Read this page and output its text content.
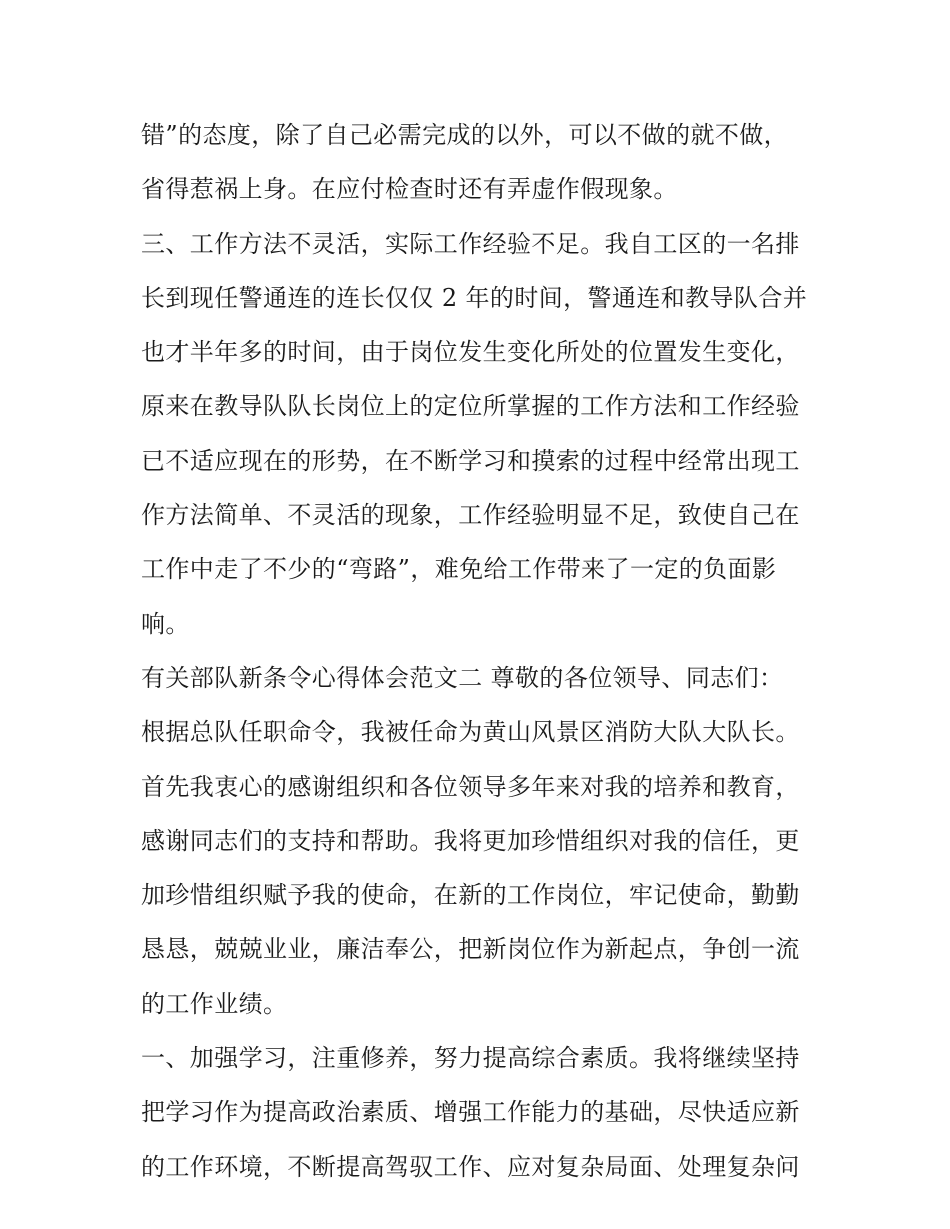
错”的态度，除了自己必需完成的以外，可以不做的就不做，
省得惹祸上身。在应付检查时还有弄虚作假现象。
三、工作方法不灵活，实际工作经验不足。我自工区的一名排
长到现任警通连的连长仅仅 2 年的时间，警通连和教导队合并
也才半年多的时间，由于岗位发生变化所处的位置发生变化，
原来在教导队队长岗位上的定位所掌握的工作方法和工作经验
已不适应现在的形势，在不断学习和摸索的过程中经常出现工
作方法简单、不灵活的现象，工作经验明显不足，致使自己在
工作中走了不少的“弯路”，难免给工作带来了一定的负面影
响。
有关部队新条令心得体会范文二 尊敬的各位领导、同志们：
根据总队任职命令，我被任命为黄山风景区消防大队大队长。
首先我衷心的感谢组织和各位领导多年来对我的培养和教育，
感谢同志们的支持和帮助。我将更加珍惜组织对我的信任，更
加珍惜组织赋予我的使命，在新的工作岗位，牢记使命，勤勤
恳恳，兢兢业业，廉洁奉公，把新岗位作为新起点，争创一流
的工作业绩。
一、加强学习，注重修养，努力提高综合素质。我将继续坚持
把学习作为提高政治素质、增强工作能力的基础，尽快适应新
的工作环境，不断提高驾驭工作、应对复杂局面、处理复杂问
